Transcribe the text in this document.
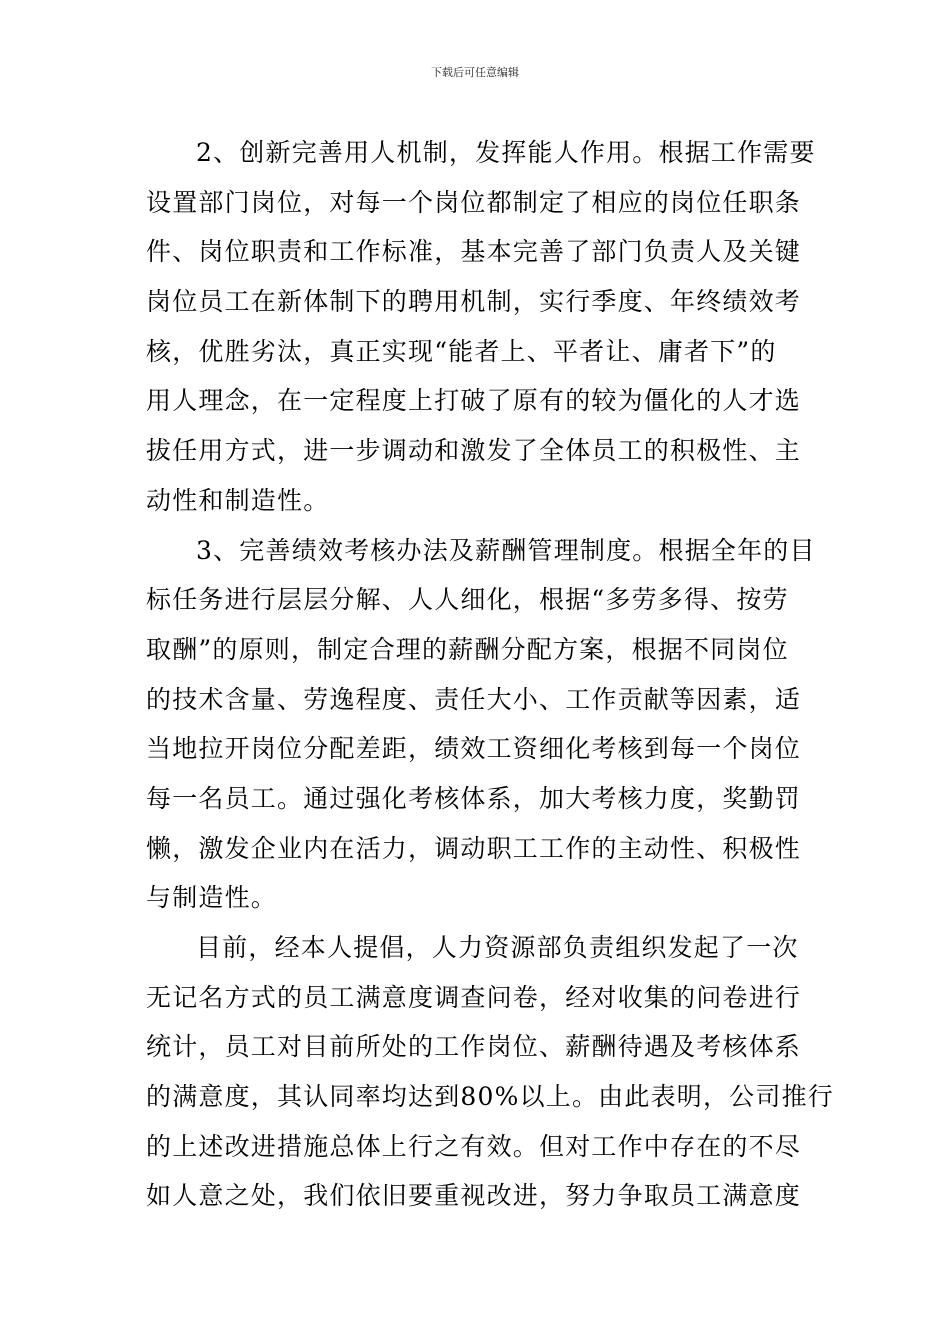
下载后可任意编辑
2、创新完善用人机制，发挥能人作用。根据工作需要
设置部门岗位，对每一个岗位都制定了相应的岗位任职条
件、岗位职责和工作标准，基本完善了部门负责人及关键
岗位员工在新体制下的聘用机制，实行季度、年终绩效考
核，优胜劣汰，真正实现“能者上、平者让、庸者下”的
用人理念，在一定程度上打破了原有的较为僵化的人才选
拔任用方式，进一步调动和激发了全体员工的积极性、主
动性和制造性。
3、完善绩效考核办法及薪酬管理制度。根据全年的目
标任务进行层层分解、人人细化，根据“多劳多得、按劳
取酬”的原则，制定合理的薪酬分配方案，根据不同岗位
的技术含量、劳逸程度、责任大小、工作贡献等因素，适
当地拉开岗位分配差距，绩效工资细化考核到每一个岗位
每一名员工。通过强化考核体系，加大考核力度，奖勤罚
懒，激发企业内在活力，调动职工工作的主动性、积极性
与制造性。
目前，经本人提倡，人力资源部负责组织发起了一次
无记名方式的员工满意度调查问卷，经对收集的问卷进行
统计，员工对目前所处的工作岗位、薪酬待遇及考核体系
的满意度，其认同率均达到80%以上。由此表明，公司推行
的上述改进措施总体上行之有效。但对工作中存在的不尽
如人意之处，我们依旧要重视改进，努力争取员工满意度
